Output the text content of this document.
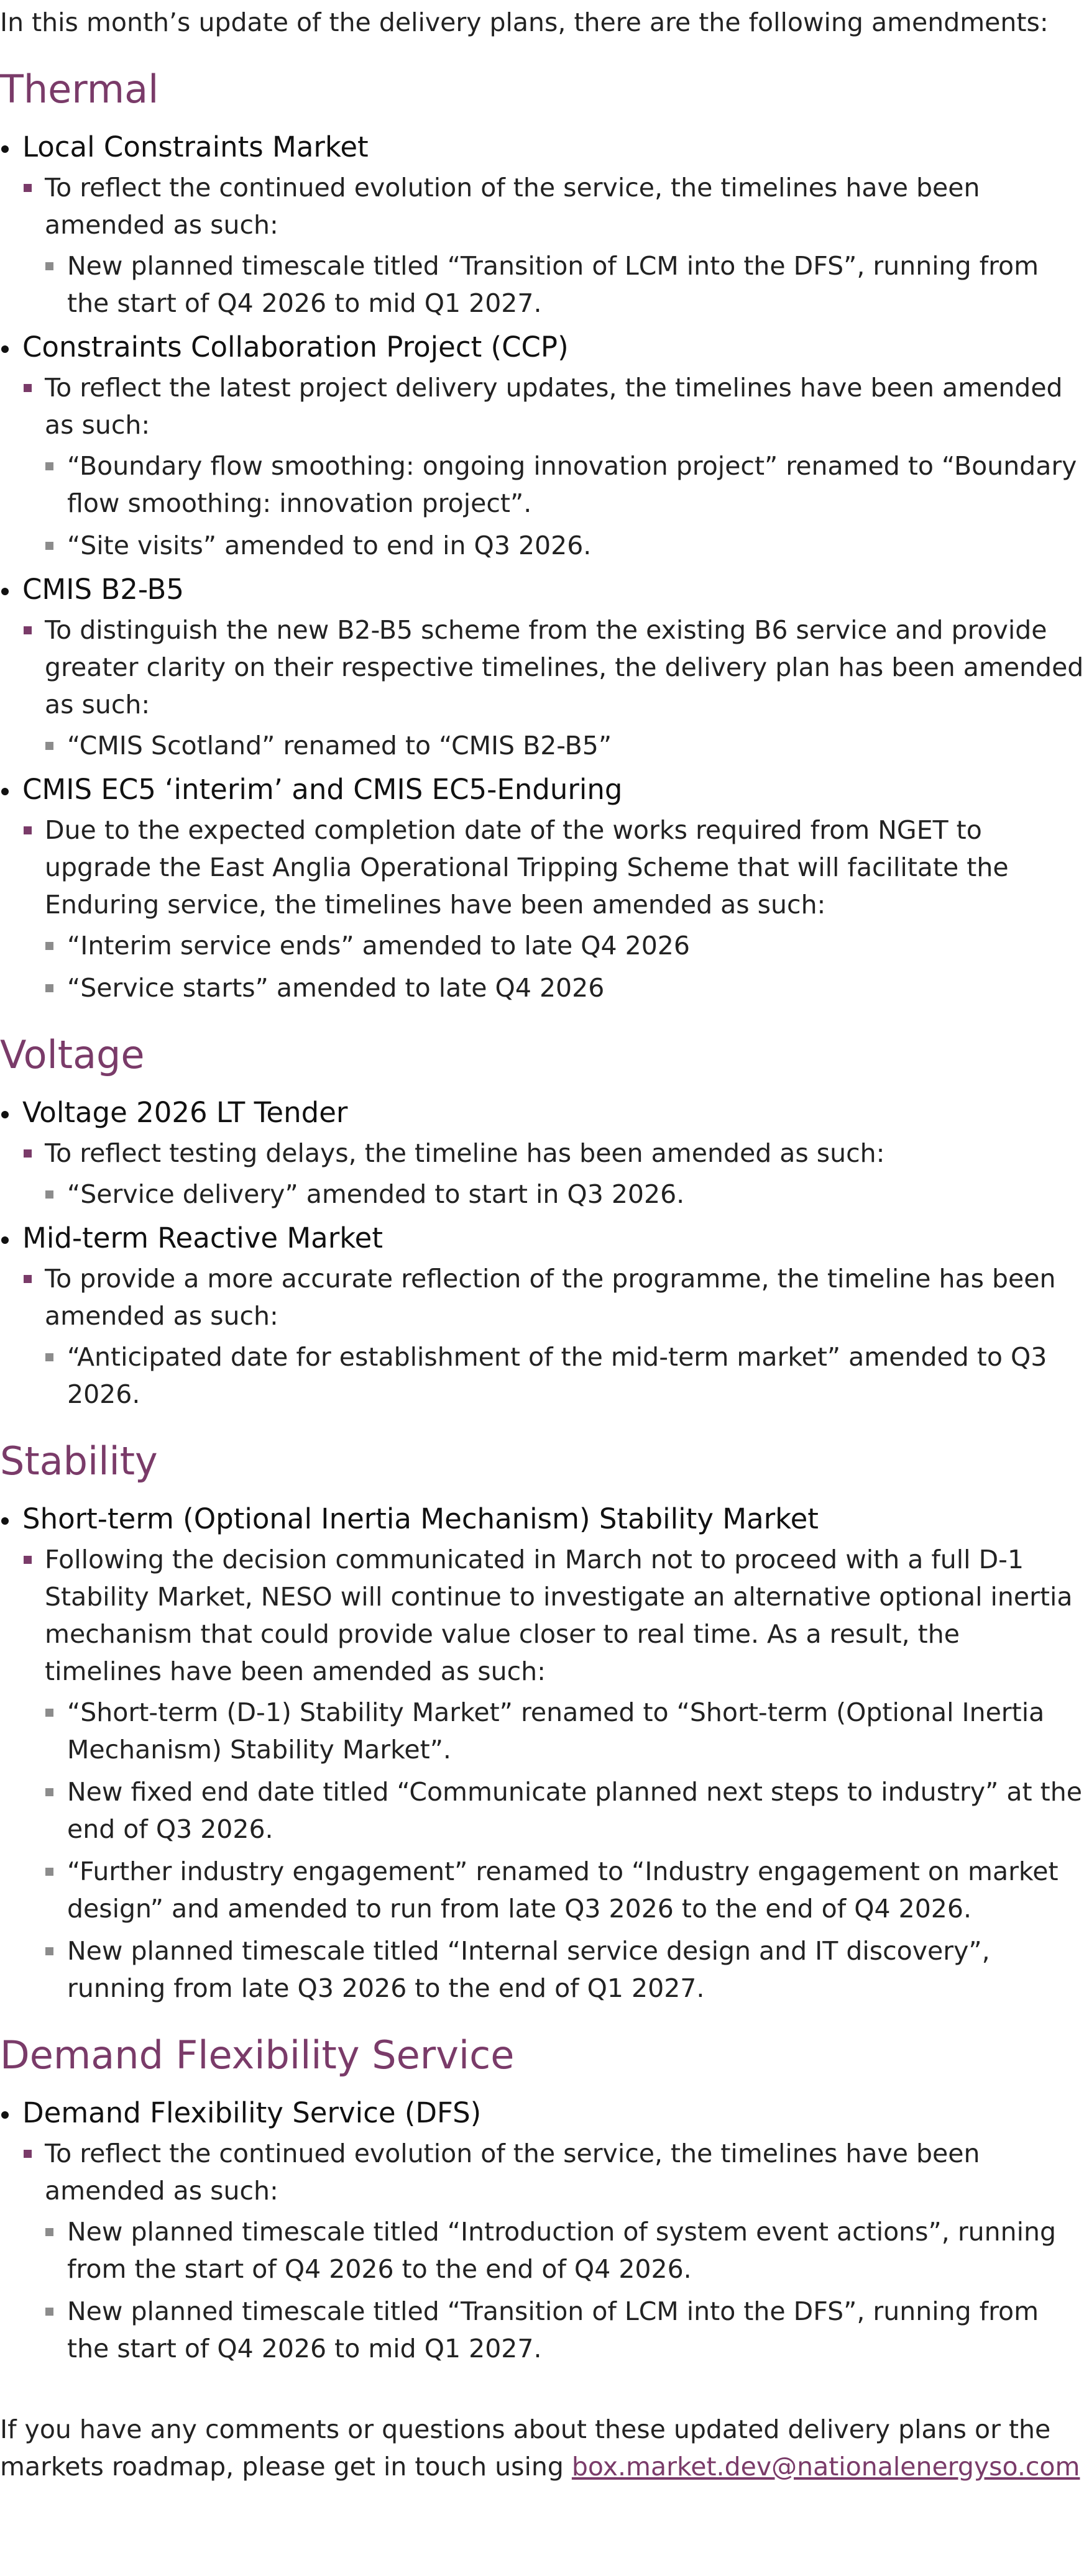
In this month’s update of the delivery plans, there are the following amendments:
Thermal
Local Constraints Market
To reflect the continued evolution of the service, the timelines have been amended as such:
New planned timescale titled “Transition of LCM into the DFS”, running from the start of Q4 2026 to mid Q1 2027.
Constraints Collaboration Project (CCP)
To reflect the latest project delivery updates, the timelines have been amended as such:
“Boundary flow smoothing: ongoing innovation project” renamed to “Boundary flow smoothing: innovation project”.
“Site visits” amended to end in Q3 2026.
CMIS B2-B5
To distinguish the new B2-B5 scheme from the existing B6 service and provide greater clarity on their respective timelines, the delivery plan has been amended as such:
“CMIS Scotland” renamed to “CMIS B2-B5”
CMIS EC5 ‘interim’ and CMIS EC5-Enduring
Due to the expected completion date of the works required from NGET to upgrade the East Anglia Operational Tripping Scheme that will facilitate the Enduring service, the timelines have been amended as such:
“Interim service ends” amended to late Q4 2026
“Service starts” amended to late Q4 2026
Voltage
Voltage 2026 LT Tender
To reflect testing delays, the timeline has been amended as such:
“Service delivery” amended to start in Q3 2026.
Mid-term Reactive Market
To provide a more accurate reflection of the programme, the timeline has been amended as such:
“Anticipated date for establishment of the mid-term market” amended to Q3 2026.
Stability
Short-term (Optional Inertia Mechanism) Stability Market
Following the decision communicated in March not to proceed with a full D-1 Stability Market, NESO will continue to investigate an alternative optional inertia mechanism that could provide value closer to real time. As a result, the timelines have been amended as such:
“Short-term (D-1) Stability Market” renamed to “Short-term (Optional Inertia Mechanism) Stability Market”.
New fixed end date titled “Communicate planned next steps to industry” at the end of Q3 2026.
“Further industry engagement” renamed to “Industry engagement on market design” and amended to run from late Q3 2026 to the end of Q4 2026.
New planned timescale titled “Internal service design and IT discovery”, running from late Q3 2026 to the end of Q1 2027.
Demand Flexibility Service
Demand Flexibility Service (DFS)
To reflect the continued evolution of the service, the timelines have been amended as such:
New planned timescale titled “Introduction of system event actions”, running from the start of Q4 2026 to the end of Q4 2026.
New planned timescale titled “Transition of LCM into the DFS”, running from the start of Q4 2026 to mid Q1 2027.
If you have any comments or questions about these updated delivery plans or the markets roadmap, please get in touch using box.market.dev@nationalenergyso.com
